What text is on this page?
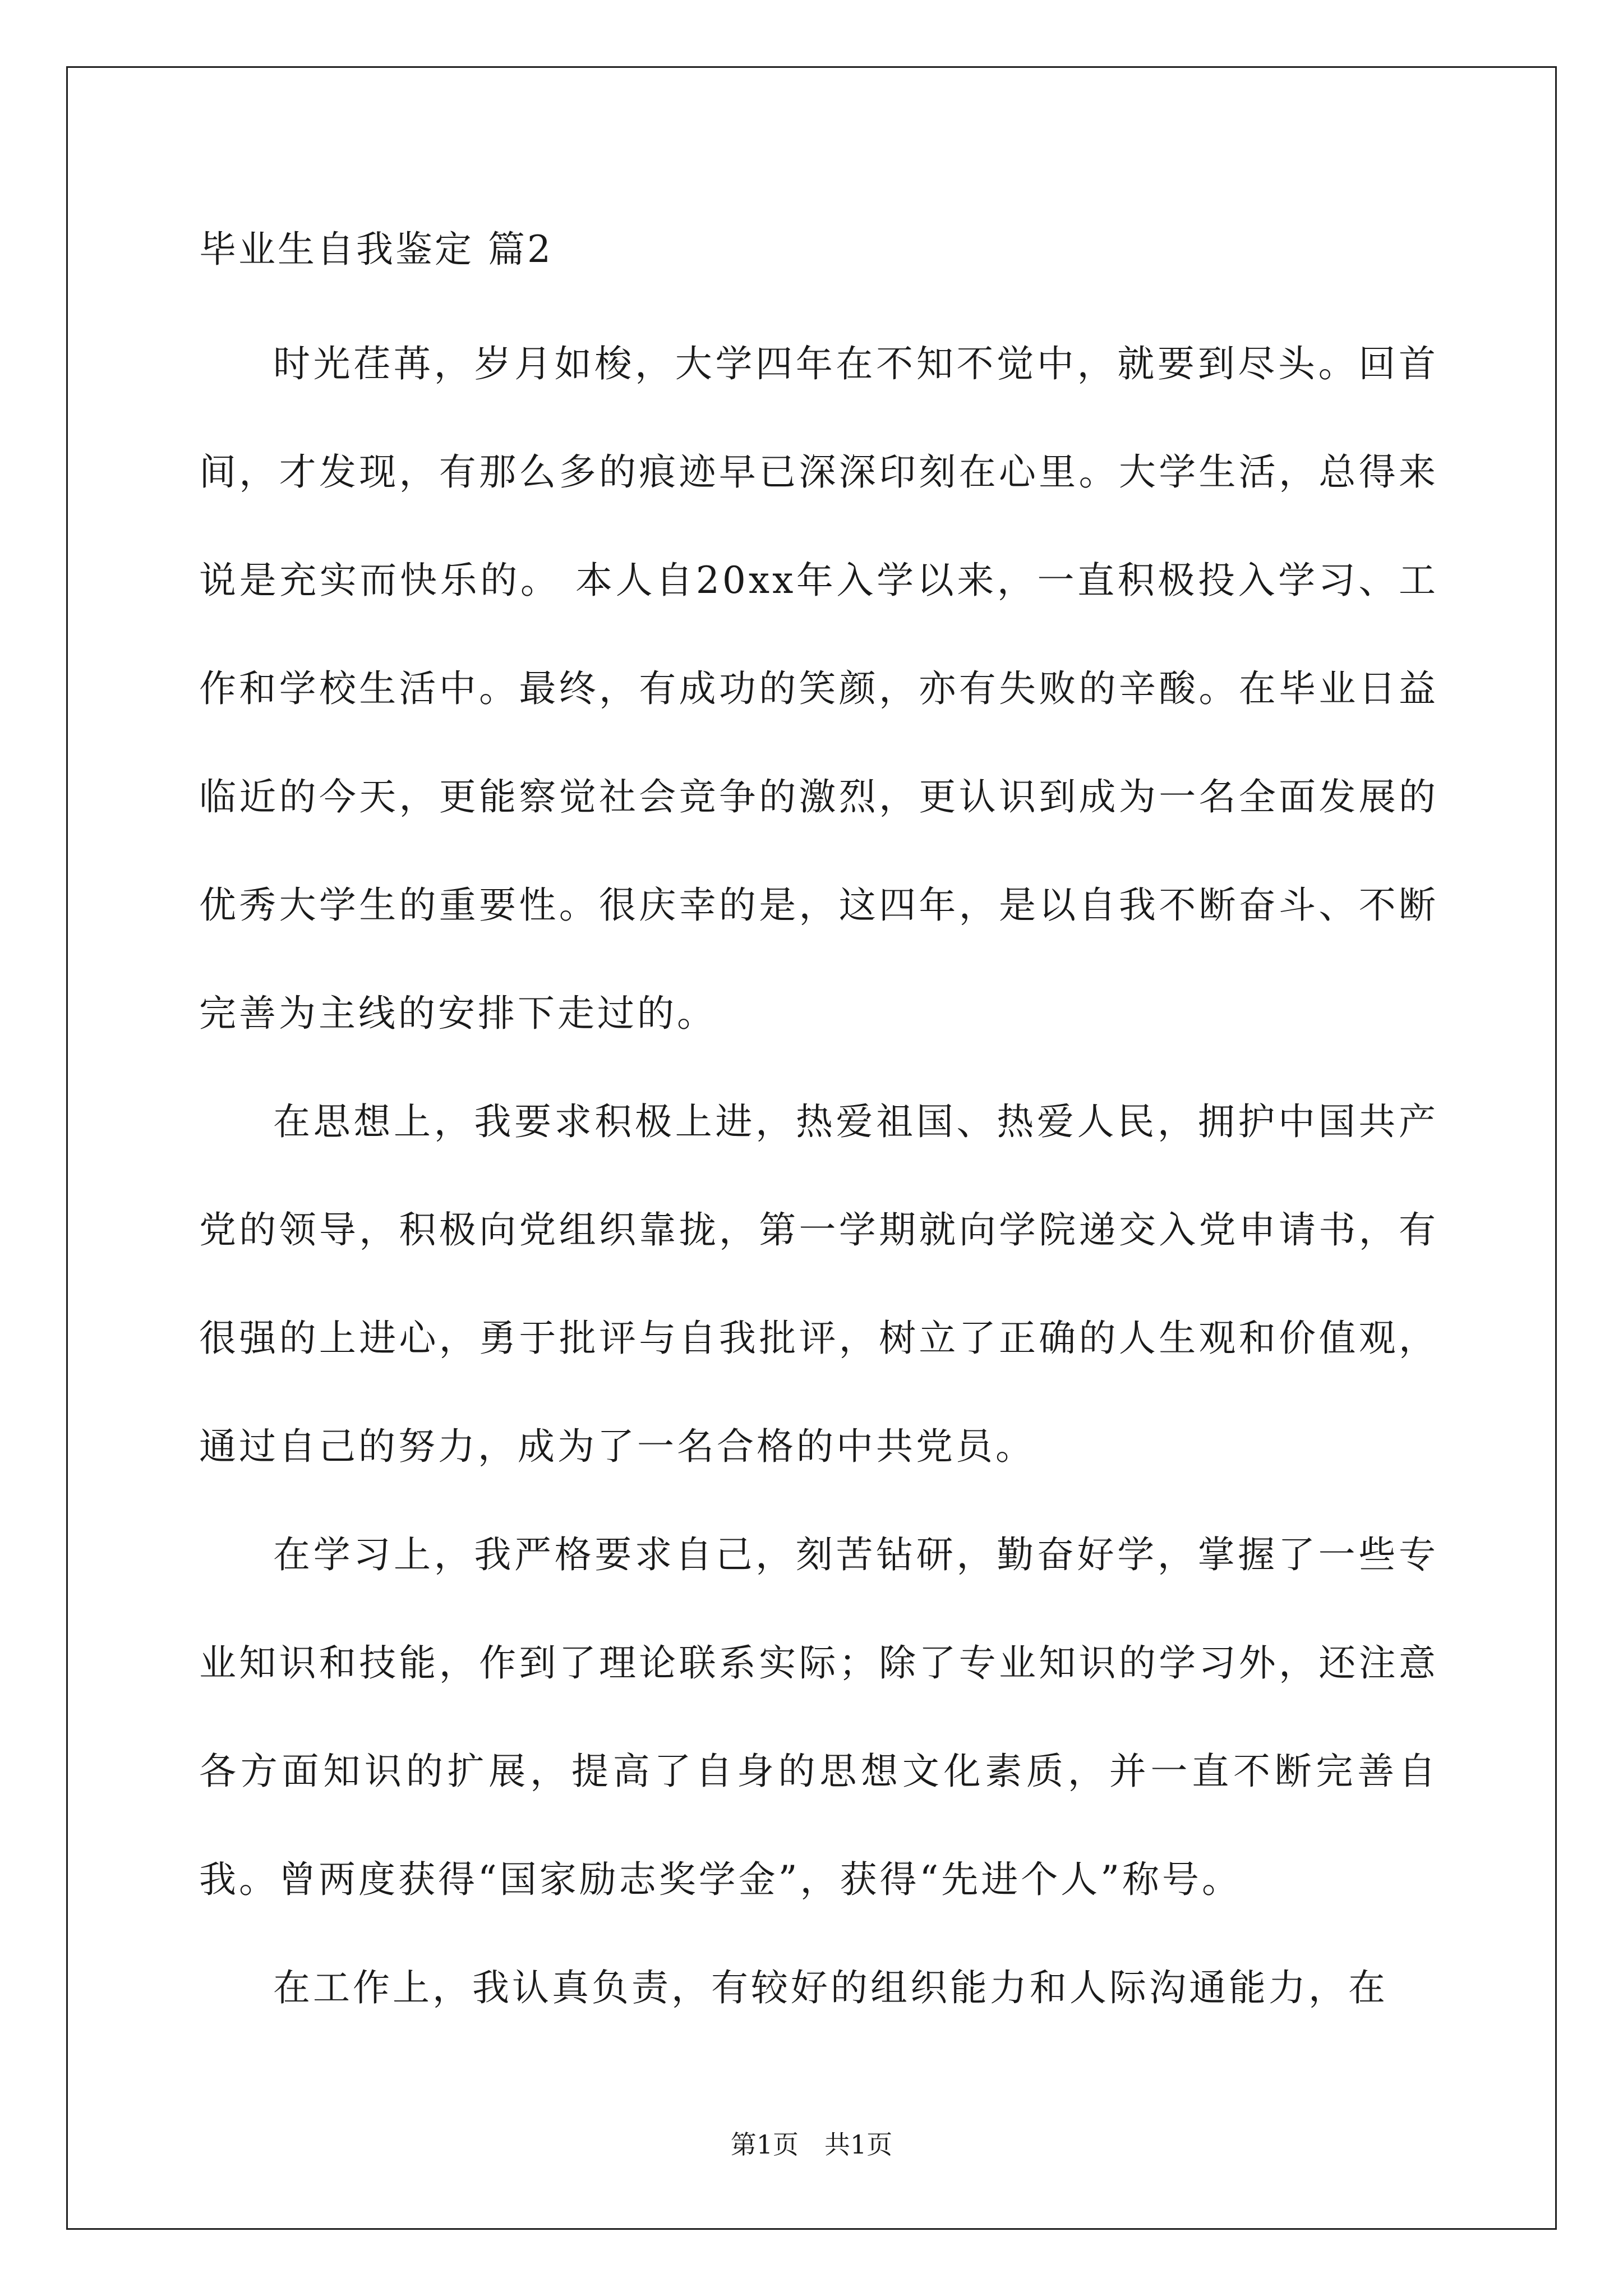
毕业生自我鉴定 篇2

时光荏苒，岁月如梭，大学四年在不知不觉中，就要到尽头。回首间，才发现，有那么多的痕迹早已深深印刻在心里。大学生活，总得来说是充实而快乐的。 本人自20xx年入学以来，一直积极投入学习、工作和学校生活中。最终，有成功的笑颜，亦有失败的辛酸。在毕业日益临近的今天，更能察觉社会竞争的激烈，更认识到成为一名全面发展的优秀大学生的重要性。很庆幸的是，这四年，是以自我不断奋斗、不断完善为主线的安排下走过的。

在思想上，我要求积极上进，热爱祖国、热爱人民，拥护中国共产党的领导，积极向党组织靠拢，第一学期就向学院递交入党申请书，有很强的上进心，勇于批评与自我批评，树立了正确的人生观和价值观，通过自己的努力，成为了一名合格的中共党员。

在学习上，我严格要求自己，刻苦钻研，勤奋好学，掌握了一些专业知识和技能，作到了理论联系实际；除了专业知识的学习外，还注意各方面知识的扩展，提高了自身的思想文化素质，并一直不断完善自我。曾两度获得“国家励志奖学金”，获得“先进个人”称号。

在工作上，我认真负责，有较好的组织能力和人际沟通能力，在

第1页 共1页
